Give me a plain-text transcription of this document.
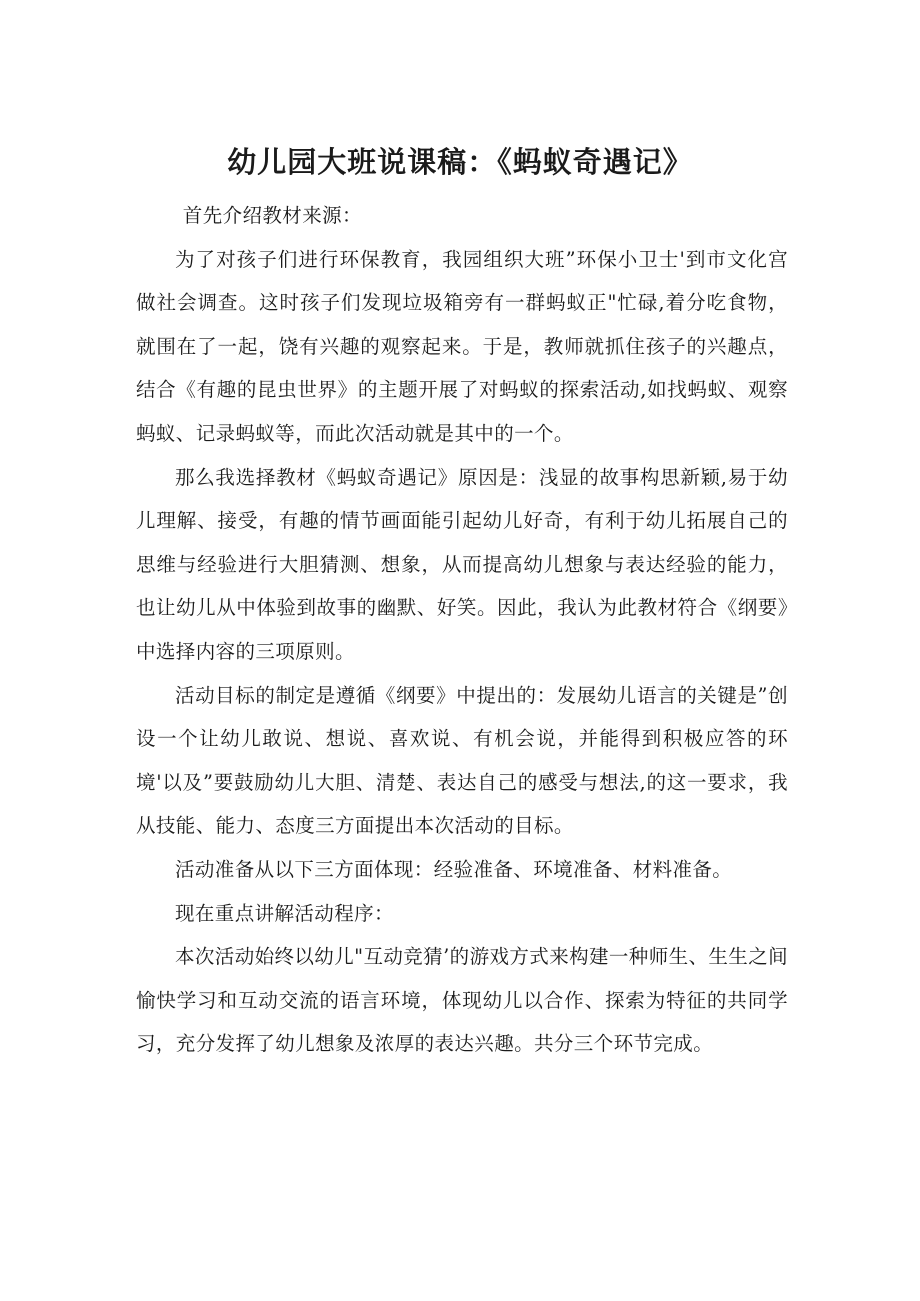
幼儿园大班说课稿：《蚂蚁奇遇记》

首先介绍教材来源：

为了对孩子们进行环保教育，我园组织大班”环保小卫士'到市文化宫做社会调查。这时孩子们发现垃圾箱旁有一群蚂蚁正"忙碌,着分吃食物，就围在了一起，饶有兴趣的观察起来。于是，教师就抓住孩子的兴趣点，结合《有趣的昆虫世界》的主题开展了对蚂蚁的探索活动,如找蚂蚁、观察蚂蚁、记录蚂蚁等，而此次活动就是其中的一个。

那么我选择教材《蚂蚁奇遇记》原因是：浅显的故事构思新颖,易于幼儿理解、接受，有趣的情节画面能引起幼儿好奇，有利于幼儿拓展自己的思维与经验进行大胆猜测、想象，从而提高幼儿想象与表达经验的能力，也让幼儿从中体验到故事的幽默、好笑。因此，我认为此教材符合《纲要》中选择内容的三项原则。

活动目标的制定是遵循《纲要》中提出的：发展幼儿语言的关键是”创设一个让幼儿敢说、想说、喜欢说、有机会说，并能得到积极应答的环境'以及”要鼓励幼儿大胆、清楚、表达自己的感受与想法,的这一要求，我从技能、能力、态度三方面提出本次活动的目标。

活动准备从以下三方面体现：经验准备、环境准备、材料准备。

现在重点讲解活动程序：

本次活动始终以幼儿"互动竞猜’的游戏方式来构建一种师生、生生之间愉快学习和互动交流的语言环境，体现幼儿以合作、探索为特征的共同学习，充分发挥了幼儿想象及浓厚的表达兴趣。共分三个环节完成。
